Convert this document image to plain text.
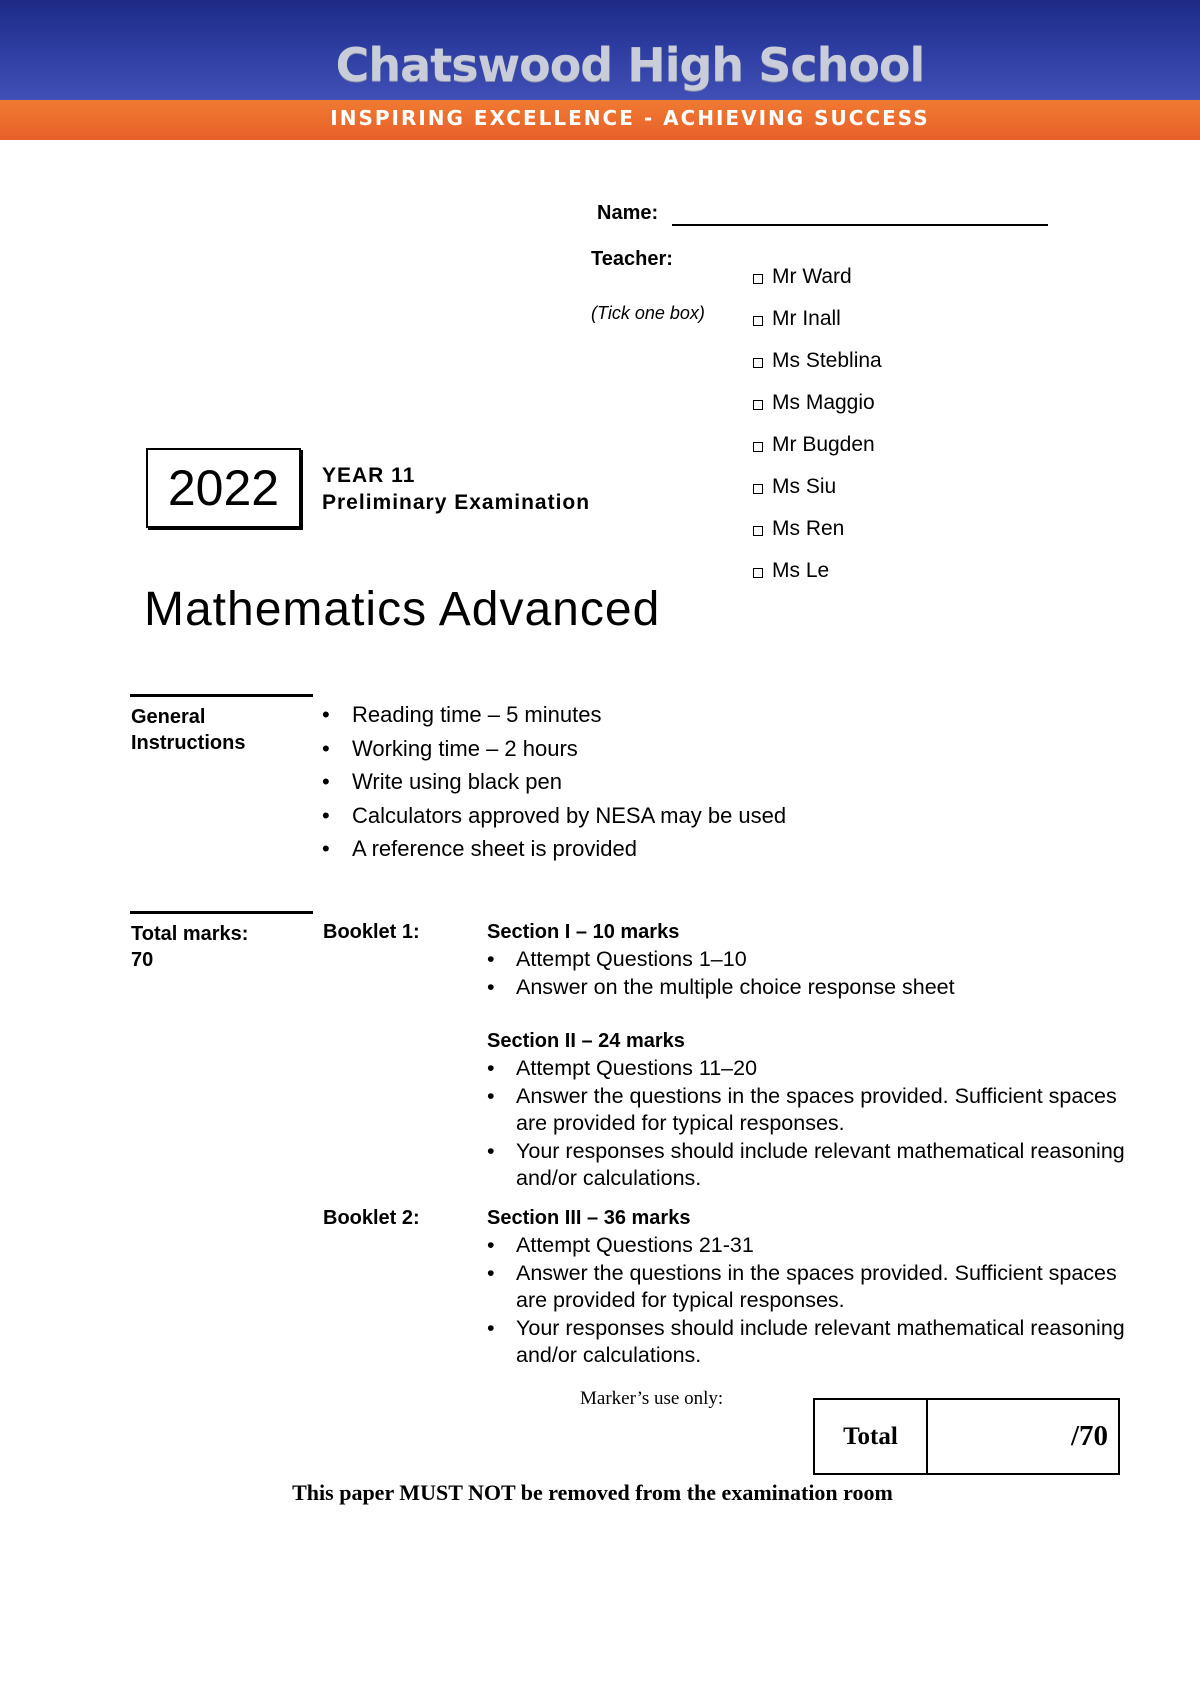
Chatswood High School
INSPIRING EXCELLENCE - ACHIEVING SUCCESS
Name:
Teacher:
(Tick one box)
Mr Ward
Mr Inall
Ms Steblina
Ms Maggio
Mr Bugden
Ms Siu
Ms Ren
Ms Le
2022	YEAR 11
Preliminary Examination
Mathematics Advanced
General
Instructions
• Reading time – 5 minutes
• Working time – 2 hours
• Write using black pen
• Calculators approved by NESA may be used
• A reference sheet is provided
Total marks:
70
Booklet 1:	Section I – 10 marks
• Attempt Questions 1–10
• Answer on the multiple choice response sheet
Section II – 24 marks
• Attempt Questions 11–20
• Answer the questions in the spaces provided. Sufficient spaces are provided for typical responses.
• Your responses should include relevant mathematical reasoning and/or calculations.
Booklet 2:	Section III – 36 marks
• Attempt Questions 21-31
• Answer the questions in the spaces provided. Sufficient spaces are provided for typical responses.
• Your responses should include relevant mathematical reasoning and/or calculations.
Marker’s use only:
Total	/70
This paper MUST NOT be removed from the examination room
